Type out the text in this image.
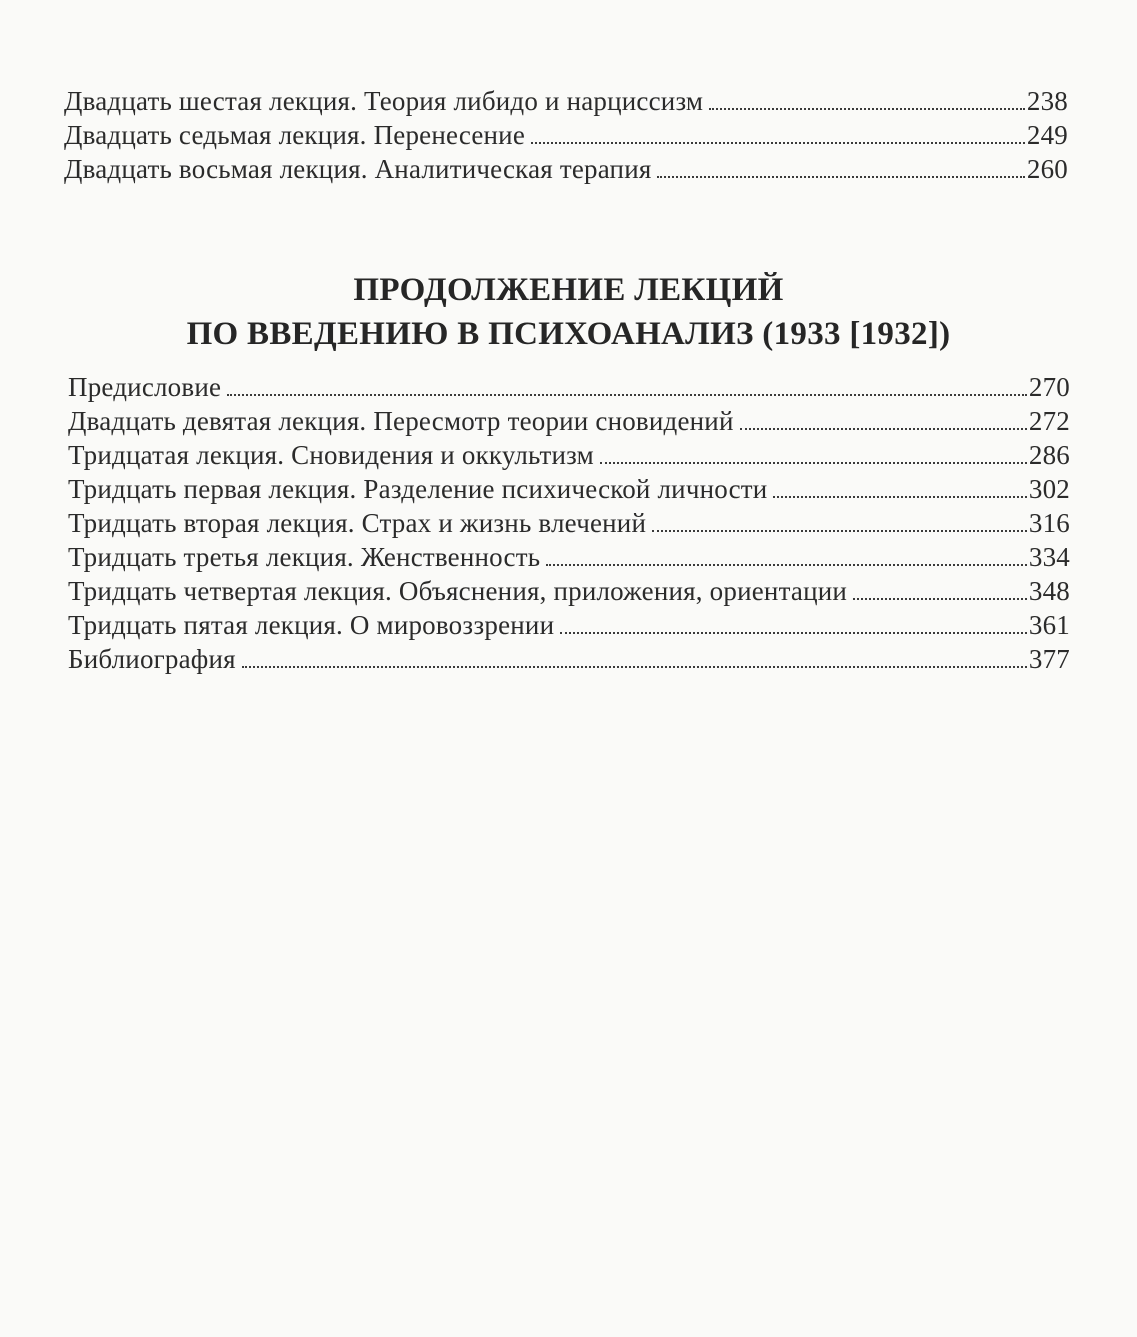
Двадцать шестая лекция. Теория либидо и нарциссизм	238
Двадцать седьмая лекция. Перенесение	249
Двадцать восьмая лекция. Аналитическая терапия	260
ПРОДОЛЖЕНИЕ ЛЕКЦИЙ
ПО ВВЕДЕНИЮ В ПСИХОАНАЛИЗ (1933 [1932])
Предисловие	270
Двадцать девятая лекция. Пересмотр теории сновидений	272
Тридцатая лекция. Сновидения и оккультизм	286
Тридцать первая лекция. Разделение психической личности	302
Тридцать вторая лекция. Страх и жизнь влечений	316
Тридцать третья лекция. Женственность	334
Тридцать четвертая лекция. Объяснения, приложения, ориентации	348
Тридцать пятая лекция. О мировоззрении	361
Библиография	377
